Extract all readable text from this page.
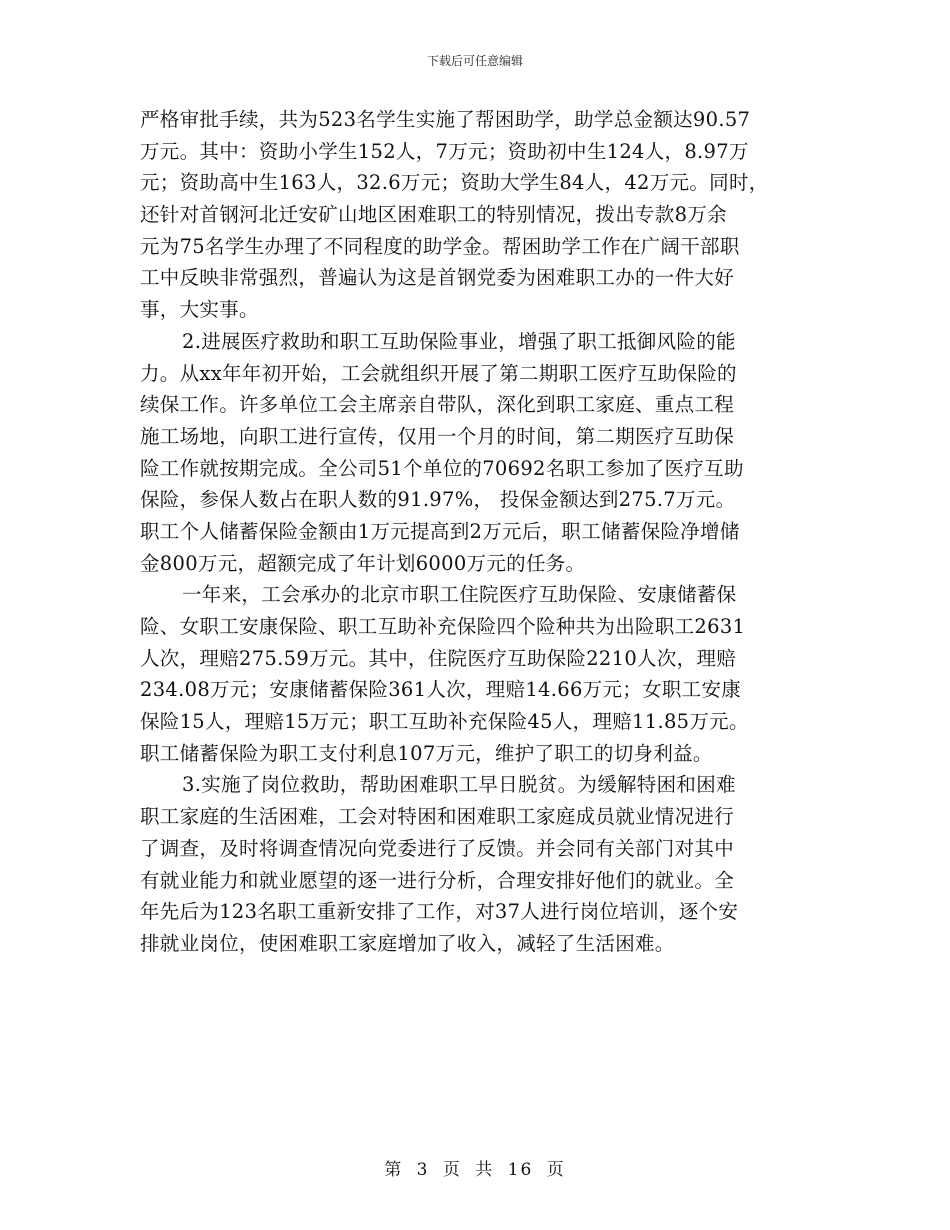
下载后可任意编辑
严格审批手续，共为523名学生实施了帮困助学，助学总金额达90.57
万元。其中：资助小学生152人，7万元；资助初中生124人，8.97万
元；资助高中生163人，32.6万元；资助大学生84人，42万元。同时，
还针对首钢河北迁安矿山地区困难职工的特别情况，拨出专款8万余
元为75名学生办理了不同程度的助学金。帮困助学工作在广阔干部职
工中反映非常强烈，普遍认为这是首钢党委为困难职工办的一件大好
事，大实事。
2.进展医疗救助和职工互助保险事业，增强了职工抵御风险的能
力。从xx年年初开始，工会就组织开展了第二期职工医疗互助保险的
续保工作。许多单位工会主席亲自带队，深化到职工家庭、重点工程
施工场地，向职工进行宣传，仅用一个月的时间，第二期医疗互助保
险工作就按期完成。全公司51个单位的70692名职工参加了医疗互助
保险，参保人数占在职人数的91.97%， 投保金额达到275.7万元。
职工个人储蓄保险金额由1万元提高到2万元后，职工储蓄保险净增储
金800万元，超额完成了年计划6000万元的任务。
一年来，工会承办的北京市职工住院医疗互助保险、安康储蓄保
险、女职工安康保险、职工互助补充保险四个险种共为出险职工2631
人次，理赔275.59万元。其中，住院医疗互助保险2210人次，理赔
234.08万元；安康储蓄保险361人次，理赔14.66万元；女职工安康
保险15人，理赔15万元；职工互助补充保险45人，理赔11.85万元。
职工储蓄保险为职工支付利息107万元，维护了职工的切身利益。
3.实施了岗位救助，帮助困难职工早日脱贫。为缓解特困和困难
职工家庭的生活困难，工会对特困和困难职工家庭成员就业情况进行
了调查，及时将调查情况向党委进行了反馈。并会同有关部门对其中
有就业能力和就业愿望的逐一进行分析，合理安排好他们的就业。全
年先后为123名职工重新安排了工作，对37人进行岗位培训，逐个安
排就业岗位，使困难职工家庭增加了收入，减轻了生活困难。
第 3 页 共 16 页
